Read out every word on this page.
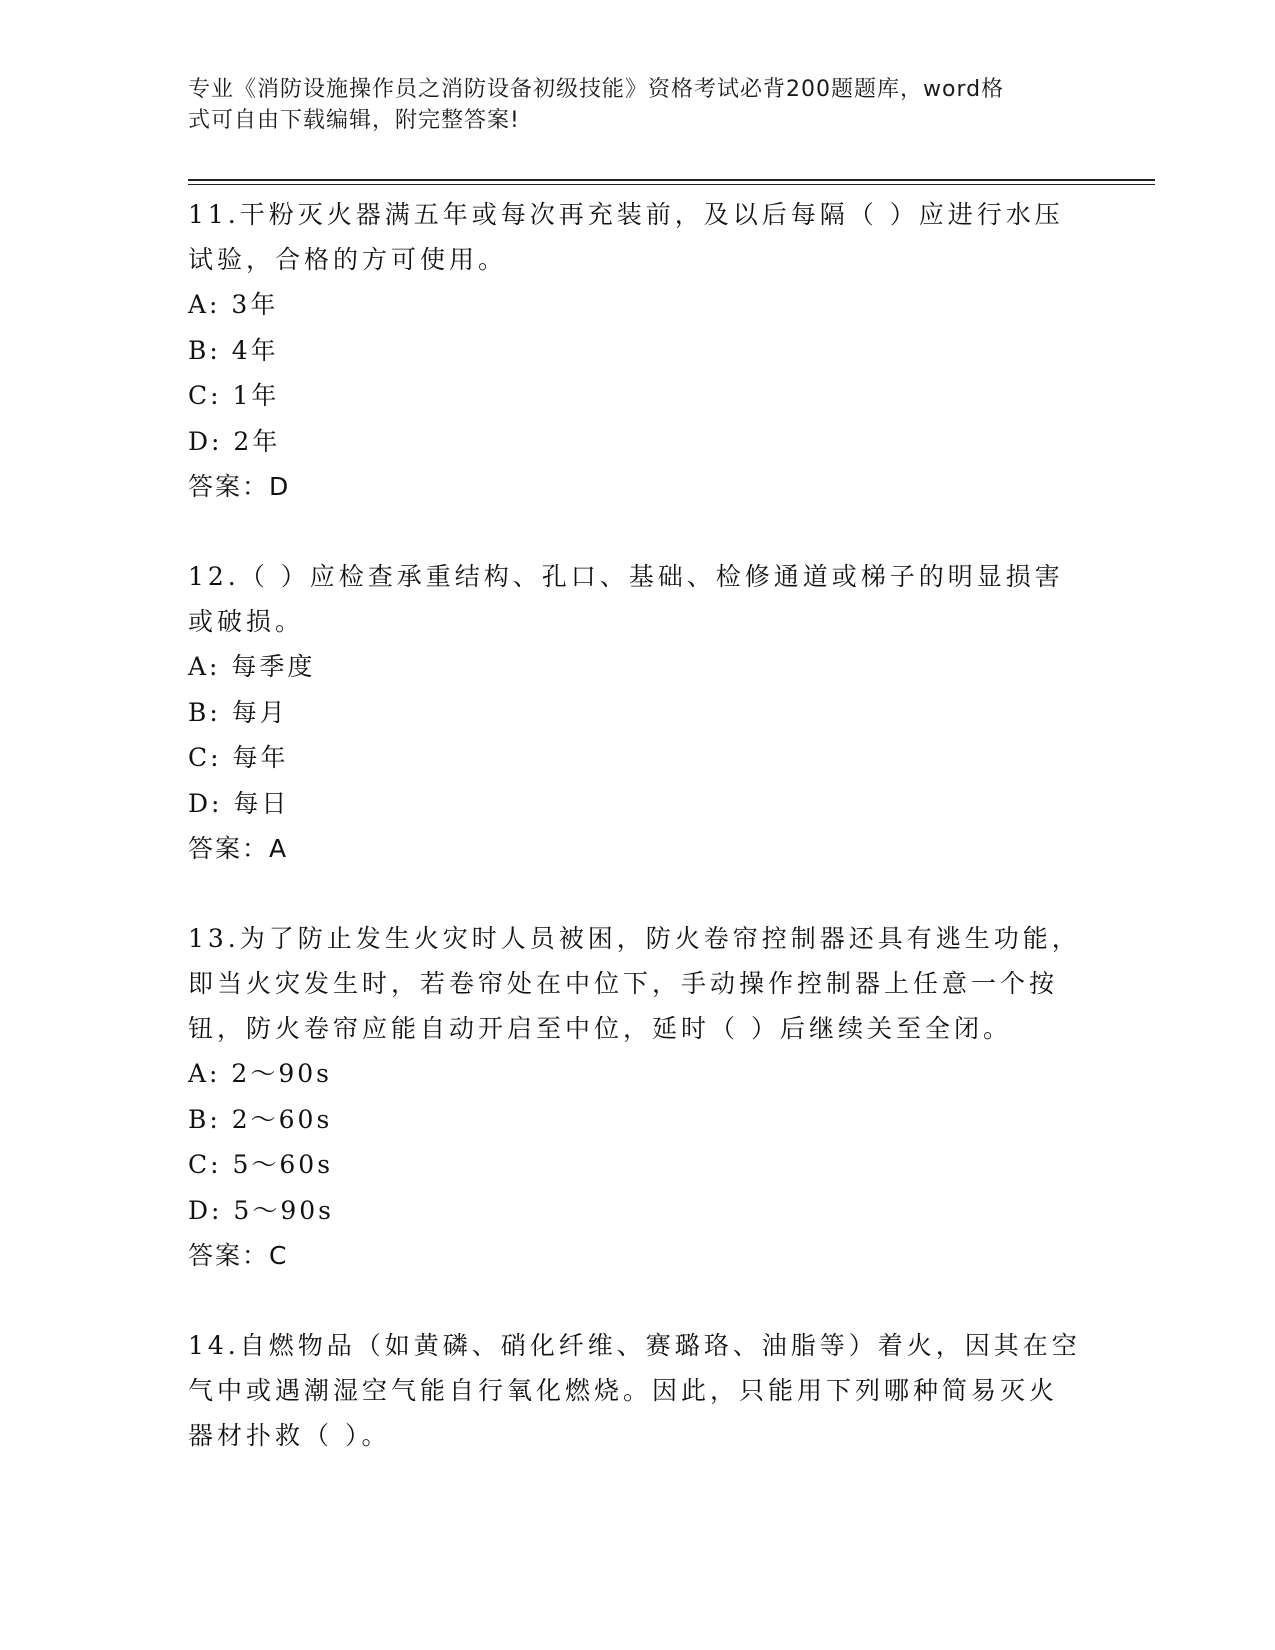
专业《消防设施操作员之消防设备初级技能》资格考试必背200题题库，word格
式可自由下载编辑，附完整答案!

11.干粉灭火器满五年或每次再充装前，及以后每隔（ ）应进行水压

试验，合格的方可使用。

A: 3年

B: 4年

C: 1年

D: 2年

答案：D

12.（ ）应检查承重结构、孔口、基础、检修通道或梯子的明显损害

或破损。

A: 每季度

B: 每月

C: 每年

D: 每日

答案：A

13.为了防止发生火灾时人员被困，防火卷帘控制器还具有逃生功能，

即当火灾发生时，若卷帘处在中位下，手动操作控制器上任意一个按

钮，防火卷帘应能自动开启至中位，延时（ ）后继续关至全闭。

A: 2～90s

B: 2～60s

C: 5～60s

D: 5～90s

答案：C

14.自燃物品（如黄磷、硝化纤维、赛璐珞、油脂等）着火，因其在空

气中或遇潮湿空气能自行氧化燃烧。因此，只能用下列哪种简易灭火

器材扑救（ ）。
